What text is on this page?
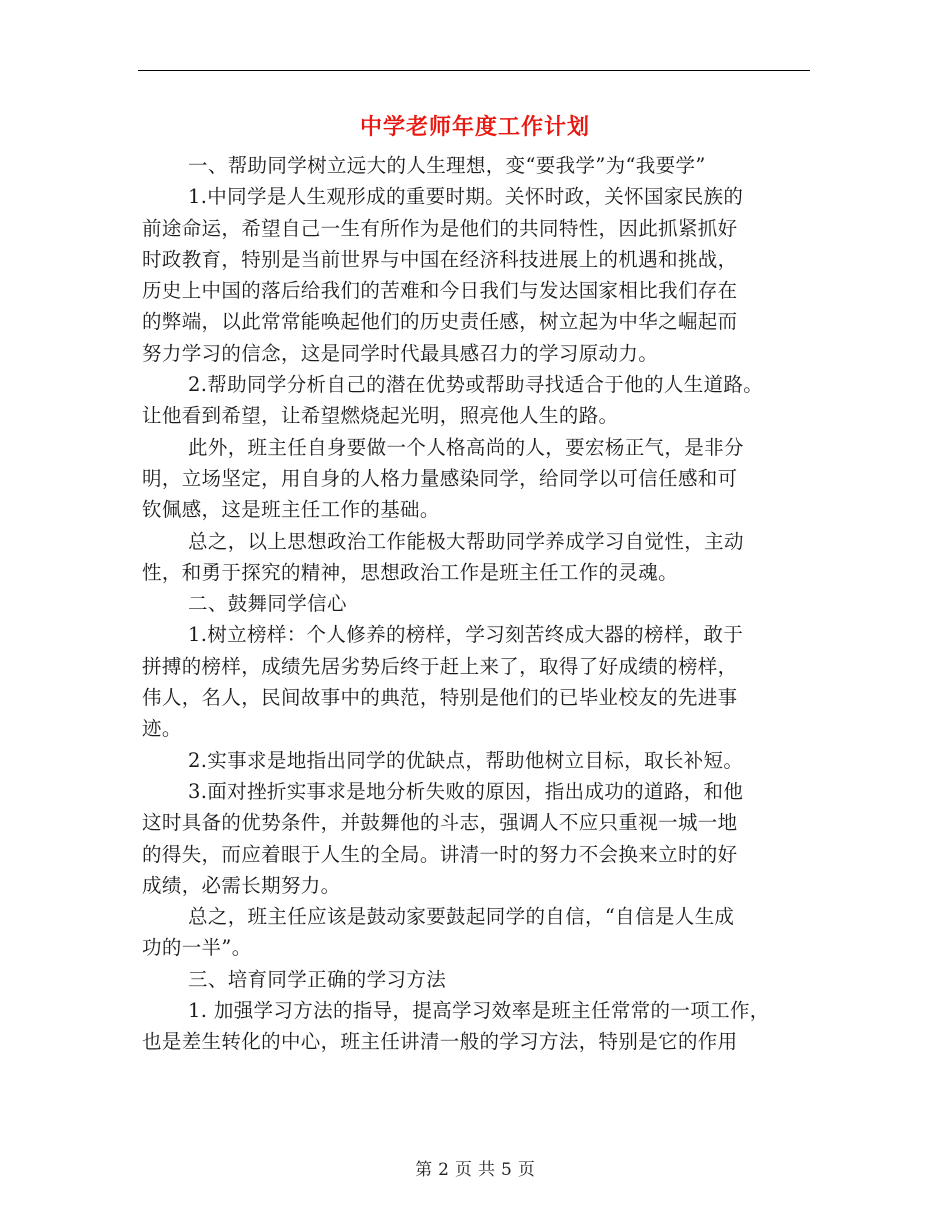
中学老师年度工作计划
一、帮助同学树立远大的人生理想，变“要我学”为“我要学”
1.中同学是人生观形成的重要时期。关怀时政，关怀国家民族的
前途命运，希望自己一生有所作为是他们的共同特性，因此抓紧抓好
时政教育，特别是当前世界与中国在经济科技进展上的机遇和挑战，
历史上中国的落后给我们的苦难和今日我们与发达国家相比我们存在
的弊端，以此常常能唤起他们的历史责任感，树立起为中华之崛起而
努力学习的信念，这是同学时代最具感召力的学习原动力。
2.帮助同学分析自己的潜在优势或帮助寻找适合于他的人生道路。
让他看到希望，让希望燃烧起光明，照亮他人生的路。
此外，班主任自身要做一个人格高尚的人，要宏杨正气，是非分
明，立场坚定，用自身的人格力量感染同学，给同学以可信任感和可
钦佩感，这是班主任工作的基础。
总之，以上思想政治工作能极大帮助同学养成学习自觉性，主动
性，和勇于探究的精神，思想政治工作是班主任工作的灵魂。
二、鼓舞同学信心
1.树立榜样：个人修养的榜样，学习刻苦终成大器的榜样，敢于
拼搏的榜样，成绩先居劣势后终于赶上来了，取得了好成绩的榜样，
伟人，名人，民间故事中的典范，特别是他们的已毕业校友的先进事
迹。
2.实事求是地指出同学的优缺点，帮助他树立目标，取长补短。
3.面对挫折实事求是地分析失败的原因，指出成功的道路，和他
这时具备的优势条件，并鼓舞他的斗志，强调人不应只重视一城一地
的得失，而应着眼于人生的全局。讲清一时的努力不会换来立时的好
成绩，必需长期努力。
总之，班主任应该是鼓动家要鼓起同学的自信，“自信是人生成
功的一半”。
三、培育同学正确的学习方法
1. 加强学习方法的指导，提高学习效率是班主任常常的一项工作，
也是差生转化的中心，班主任讲清一般的学习方法，特别是它的作用
第 2 页 共 5 页
